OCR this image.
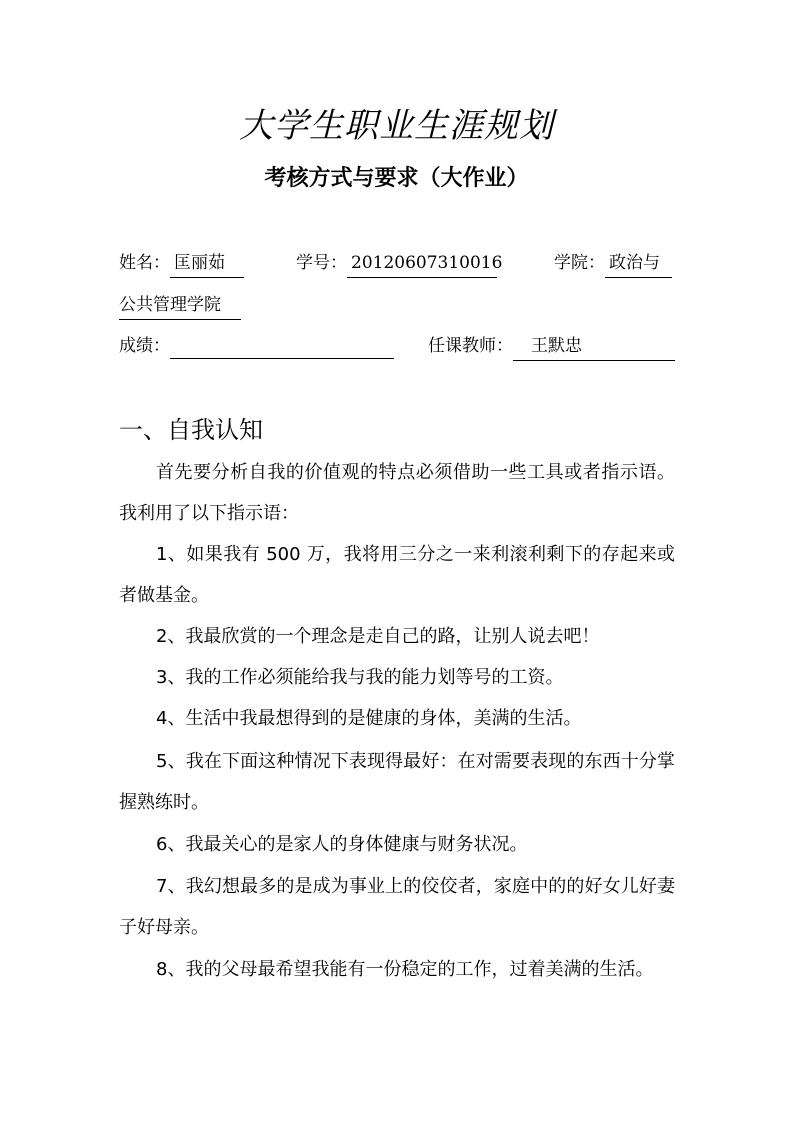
大学生职业生涯规划
考核方式与要求（大作业）
姓名： 匡丽茹	学号： 20120607310016	学院： 政治与
公共管理学院
成绩：	任课教师： 王默忠
一、自我认知

首先要分析自我的价值观的特点必须借助一些工具或者指示语。我利用了以下指示语：

1、如果我有 500 万，我将用三分之一来利滚利剩下的存起来或者做基金。

2、我最欣赏的一个理念是走自己的路，让别人说去吧！

3、我的工作必须能给我与我的能力划等号的工资。

4、生活中我最想得到的是健康的身体，美满的生活。

5、我在下面这种情况下表现得最好：在对需要表现的东西十分掌握熟练时。

6、我最关心的是家人的身体健康与财务状况。

7、我幻想最多的是成为事业上的佼佼者，家庭中的的好女儿好妻子好母亲。

8、我的父母最希望我能有一份稳定的工作，过着美满的生活。
